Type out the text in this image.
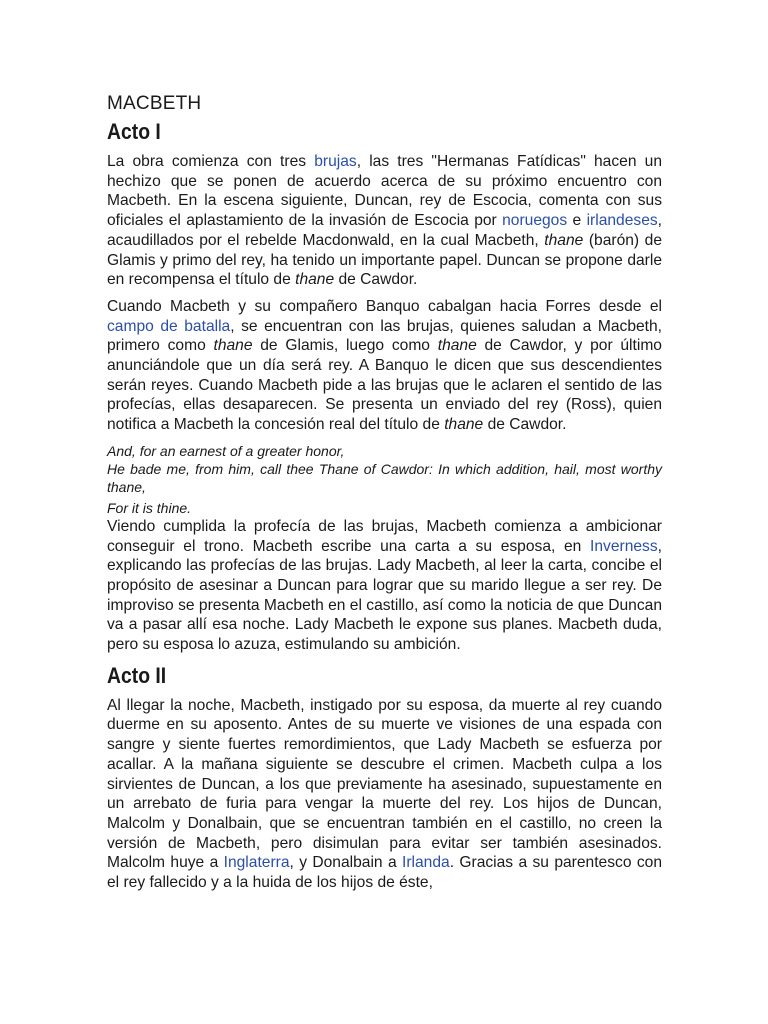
MACBETH
Acto I

La obra comienza con tres brujas, las tres "Hermanas Fatídicas" hacen un hechizo que se ponen de acuerdo acerca de su próximo encuentro con Macbeth. En la escena siguiente, Duncan, rey de Escocia, comenta con sus oficiales el aplastamiento de la invasión de Escocia por noruegos e irlandeses, acaudillados por el rebelde Macdonwald, en la cual Macbeth, thane (barón) de Glamis y primo del rey, ha tenido un importante papel. Duncan se propone darle en recompensa el título de thane de Cawdor.

Cuando Macbeth y su compañero Banquo cabalgan hacia Forres desde el campo de batalla, se encuentran con las brujas, quienes saludan a Macbeth, primero como thane de Glamis, luego como thane de Cawdor, y por último anunciándole que un día será rey. A Banquo le dicen que sus descendientes serán reyes. Cuando Macbeth pide a las brujas que le aclaren el sentido de las profecías, ellas desaparecen. Se presenta un enviado del rey (Ross), quien notifica a Macbeth la concesión real del título de thane de Cawdor.

And, for an earnest of a greater honor,
He bade me, from him, call thee Thane of Cawdor: In which addition, hail, most worthy thane,
For it is thine.

Viendo cumplida la profecía de las brujas, Macbeth comienza a ambicionar conseguir el trono. Macbeth escribe una carta a su esposa, en Inverness, explicando las profecías de las brujas. Lady Macbeth, al leer la carta, concibe el propósito de asesinar a Duncan para lograr que su marido llegue a ser rey. De improviso se presenta Macbeth en el castillo, así como la noticia de que Duncan va a pasar allí esa noche. Lady Macbeth le expone sus planes. Macbeth duda, pero su esposa lo azuza, estimulando su ambición.

Acto II

Al llegar la noche, Macbeth, instigado por su esposa, da muerte al rey cuando duerme en su aposento. Antes de su muerte ve visiones de una espada con sangre y siente fuertes remordimientos, que Lady Macbeth se esfuerza por acallar. A la mañana siguiente se descubre el crimen. Macbeth culpa a los sirvientes de Duncan, a los que previamente ha asesinado, supuestamente en un arrebato de furia para vengar la muerte del rey. Los hijos de Duncan, Malcolm y Donalbain, que se encuentran también en el castillo, no creen la versión de Macbeth, pero disimulan para evitar ser también asesinados. Malcolm huye a Inglaterra, y Donalbain a Irlanda. Gracias a su parentesco con el rey fallecido y a la huida de los hijos de éste,
